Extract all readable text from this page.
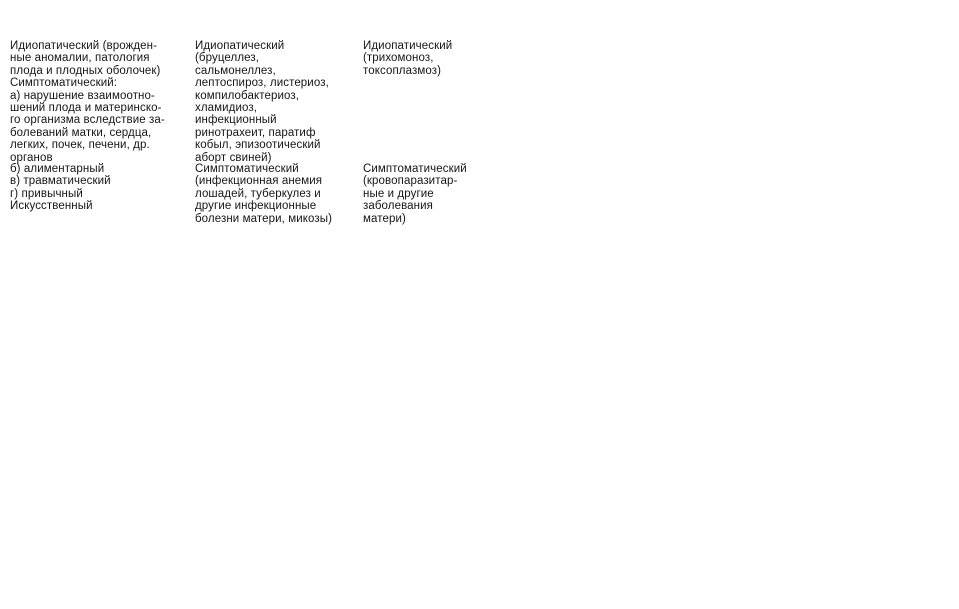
Идиопатический (врожден-
ные аномалии, патология
плода и плодных оболочек)
Симптоматический:
а) нарушение взаимоотно-
шений плода и материнско-
го организма вследствие за-
болеваний матки, сердца,
легких, почек, печени, др.
органов
б) алиментарный
в) травматический
г) привычный
Искусственный
Идиопатический
(бруцеллез,
сальмонеллез,
лептоспироз, листериоз,
компилобактериоз,
хламидиоз,
инфекционный
ринотрахеит, паратиф
кобыл, эпизоотический
аборт свиней)
Симптоматический
(инфекционная анемия
лошадей, туберкулез и
другие инфекционные
болезни матери, микозы)
Идиопатический
(трихомоноз,
токсоплазмоз)
Симптоматический
(кровопаразитар-
ные и другие
заболевания
матери)
